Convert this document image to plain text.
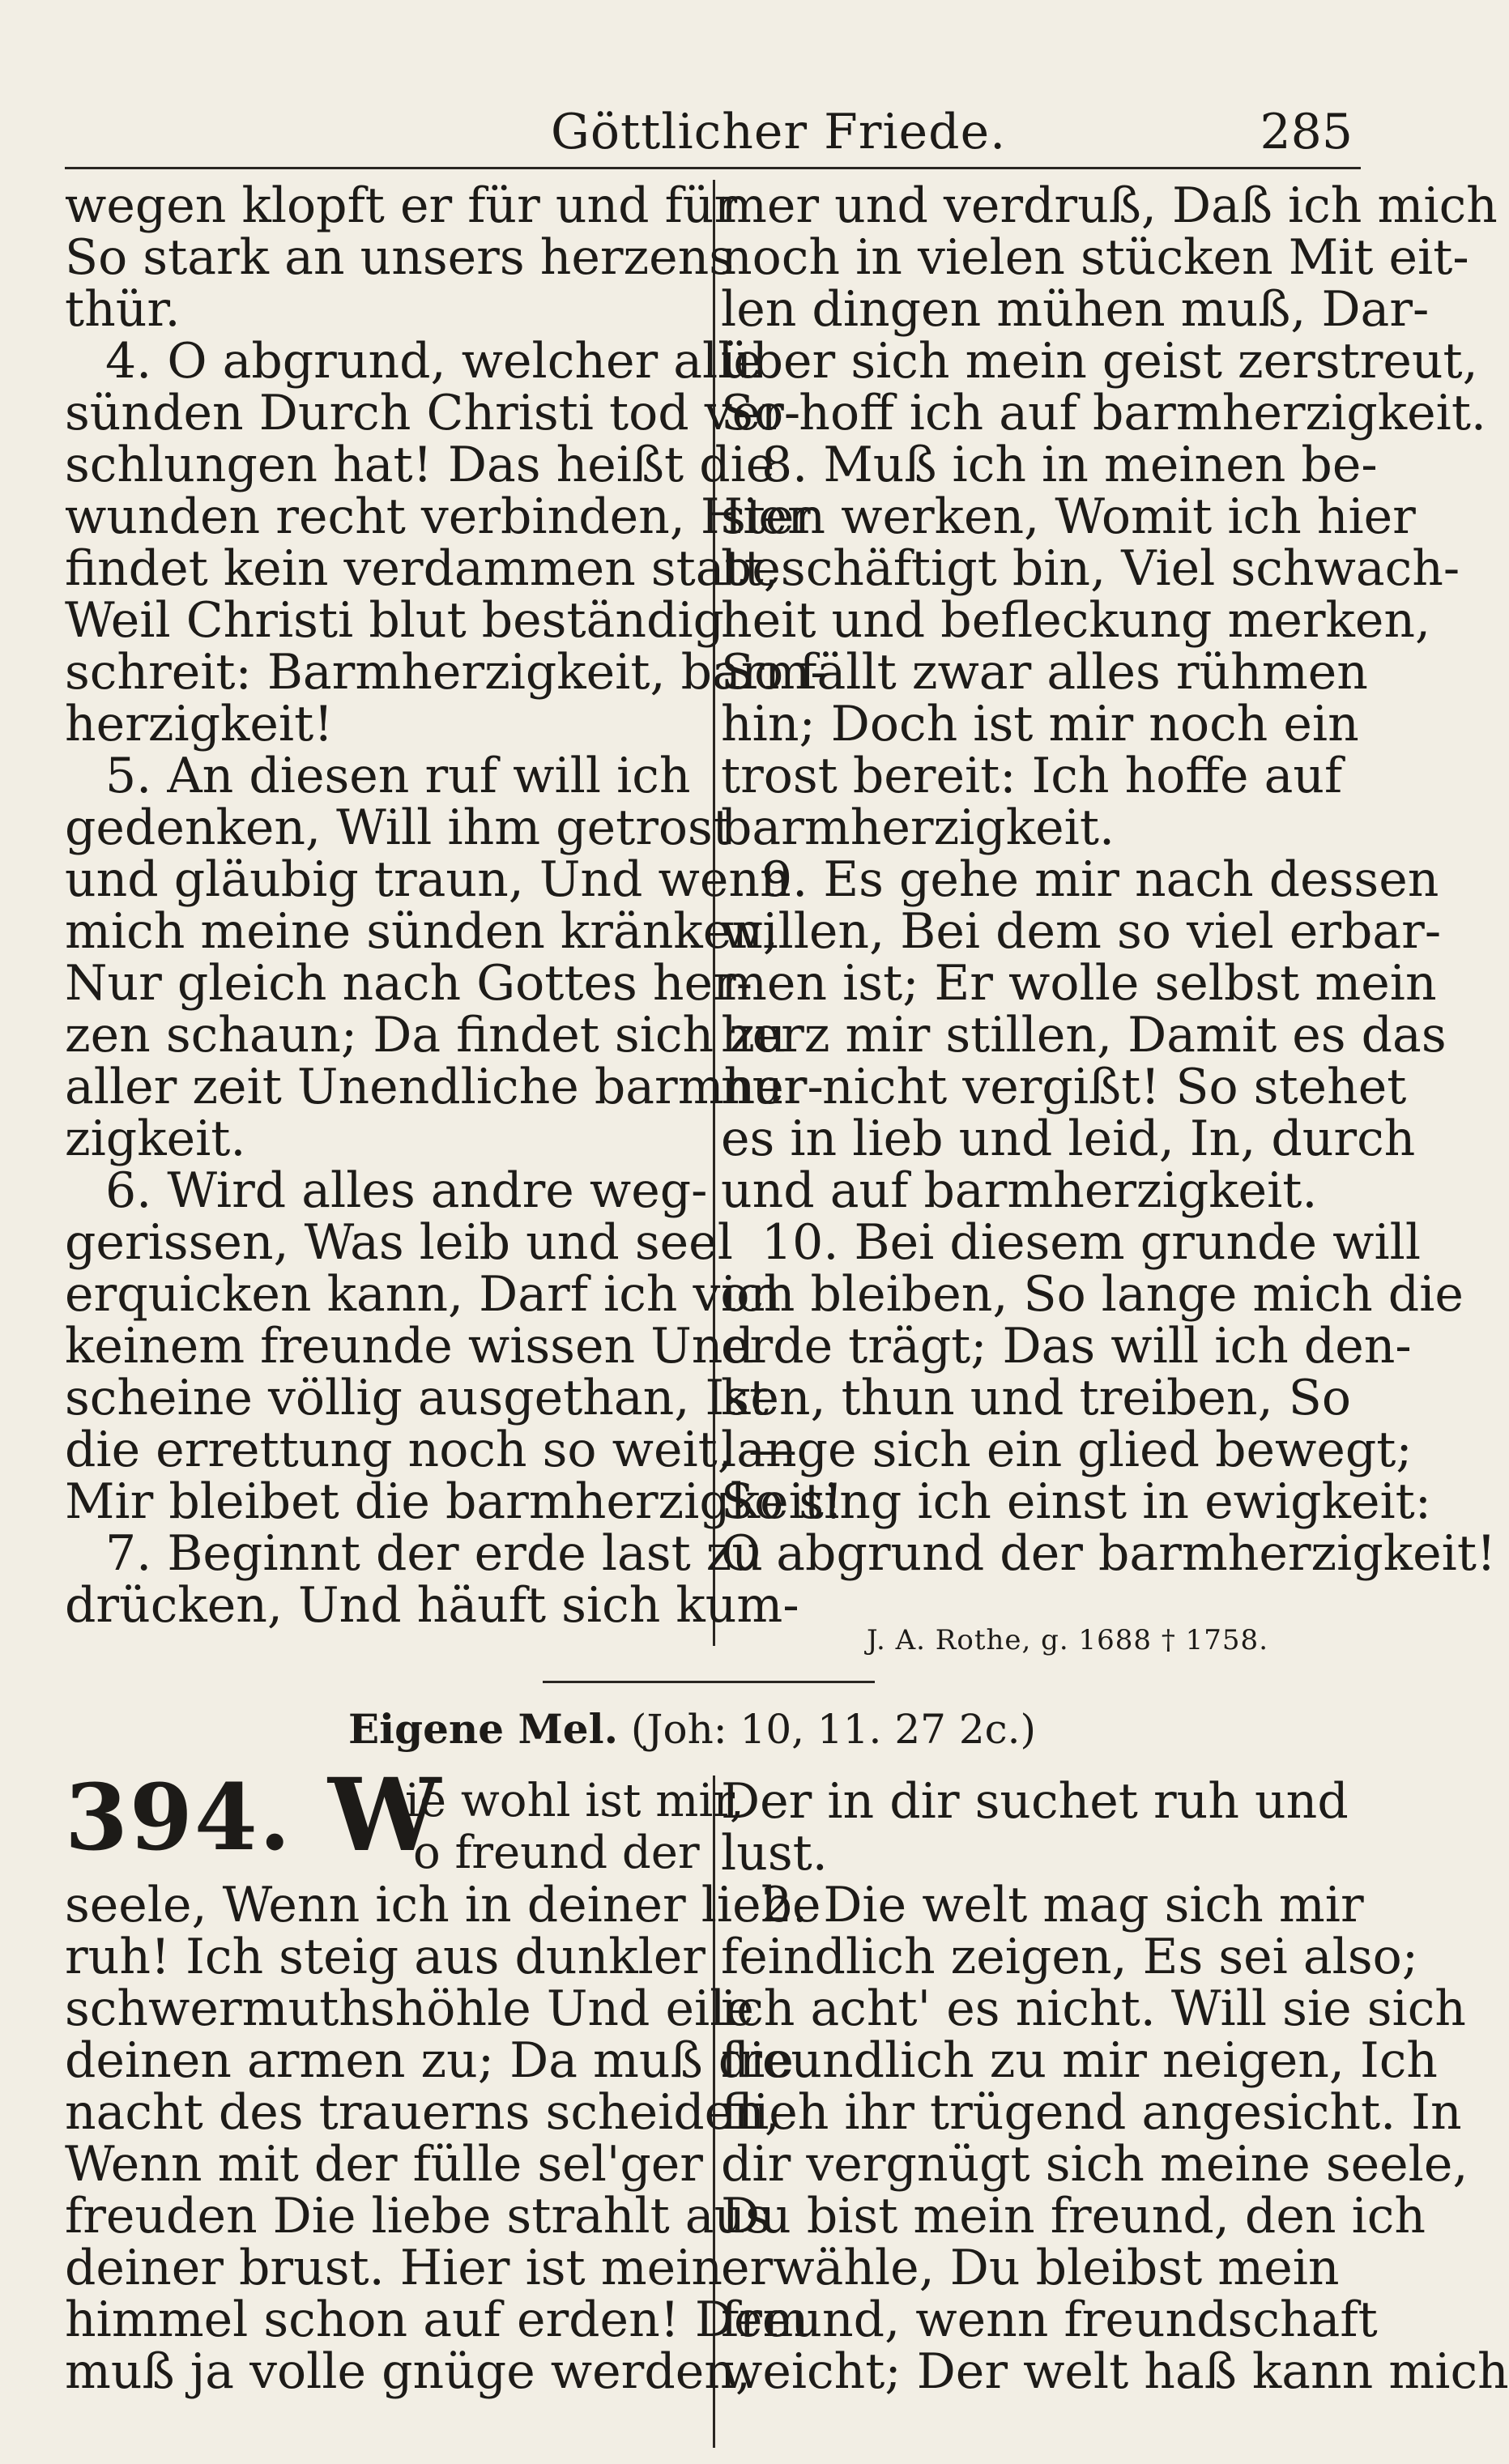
Göttlicher Friede.	285
wegen klopft er für und für
So stark an unsers herzens
thür.
4. O abgrund, welcher alle
sünden Durch Christi tod ver-
schlungen hat! Das heißt die
wunden recht verbinden, Hier
findet kein verdammen statt,
Weil Christi blut beständig
schreit: Barmherzigkeit, barm-
herzigkeit!
5. An diesen ruf will ich
gedenken, Will ihm getrost
und gläubig traun, Und wenn
mich meine sünden kränken,
Nur gleich nach Gottes her-
zen schaun; Da findet sich zu
aller zeit Unendliche barmher-
zigkeit.
6. Wird alles andre weg-
gerissen, Was leib und seel
erquicken kann, Darf ich von
keinem freunde wissen Und
scheine völlig ausgethan, Ist
die errettung noch so weit, —
Mir bleibet die barmherzigkeit!
7. Beginnt der erde last zu
drücken, Und häuft sich kum-
mer und verdruß, Daß ich mich
noch in vielen stücken Mit eit-
len dingen mühen muß, Dar-
über sich mein geist zerstreut,
So hoff ich auf barmherzigkeit.
8. Muß ich in meinen be-
sten werken, Womit ich hier
beschäftigt bin, Viel schwach-
heit und befleckung merken,
So fällt zwar alles rühmen
hin; Doch ist mir noch ein
trost bereit: Ich hoffe auf
barmherzigkeit.
9. Es gehe mir nach dessen
willen, Bei dem so viel erbar-
men ist; Er wolle selbst mein
herz mir stillen, Damit es das
nur nicht vergißt! So stehet
es in lieb und leid, In, durch
und auf barmherzigkeit.
10. Bei diesem grunde will
ich bleiben, So lange mich die
erde trägt; Das will ich den-
ken, thun und treiben, So
lange sich ein glied bewegt;
So sing ich einst in ewigkeit:
O abgrund der barmherzigkeit!
J. A. Rothe, g. 1688 † 1758.
Eigene Mel. (Joh: 10, 11. 27 2c.)
394. W
ie wohl ist mir,
o freund der
seele, Wenn ich in deiner liebe
ruh! Ich steig aus dunkler
schwermuthshöhle Und eile
deinen armen zu; Da muß die
nacht des trauerns scheiden,
Wenn mit der fülle sel'ger
freuden Die liebe strahlt aus
deiner brust. Hier ist mein
himmel schon auf erden! Dem
muß ja volle gnüge werden,
Der in dir suchet ruh und
lust.
2. Die welt mag sich mir
feindlich zeigen, Es sei also;
ich acht' es nicht. Will sie sich
freundlich zu mir neigen, Ich
flieh ihr trügend angesicht. In
dir vergnügt sich meine seele,
Du bist mein freund, den ich
erwähle, Du bleibst mein
freund, wenn freundschaft
weicht; Der welt haß kann mich
